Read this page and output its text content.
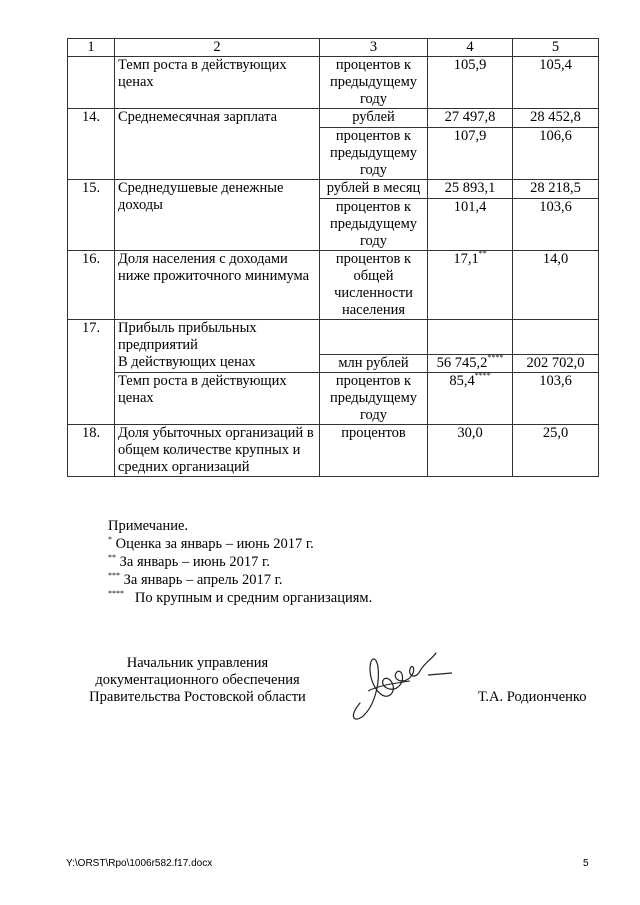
1	2	3	4	5
	Темп роста в действующих ценах	процентов к предыдущему году	105,9	105,4
14.	Среднемесячная зарплата	рублей	27 497,8	28 452,8
		процентов к предыдущему году	107,9	106,6
15.	Среднедушевые денежные доходы	рублей в месяц	25 893,1	28 218,5
		процентов к предыдущему году	101,4	103,6
16.	Доля населения с доходами ниже прожиточного минимума	процентов к общей численности населения	17,1**	14,0
17.	Прибыль прибыльных предприятий			
	В действующих ценах	млн рублей	56 745,2****	202 702,0
	Темп роста в действующих ценах	процентов к предыдущему году	85,4****	103,6
18.	Доля убыточных организаций в общем количестве крупных и средних организаций	процентов	30,0	25,0
Примечание.
* Оценка за январь – июнь 2017 г.
** За январь – июнь 2017 г.
*** За январь – апрель 2017 г.
****   По крупным и средним организациям.
Начальник управления
документационного обеспечения
Правительства Ростовской области	Т.А. Родионченко
Y:\ORST\Rpo\1006r582.f17.docx	5
